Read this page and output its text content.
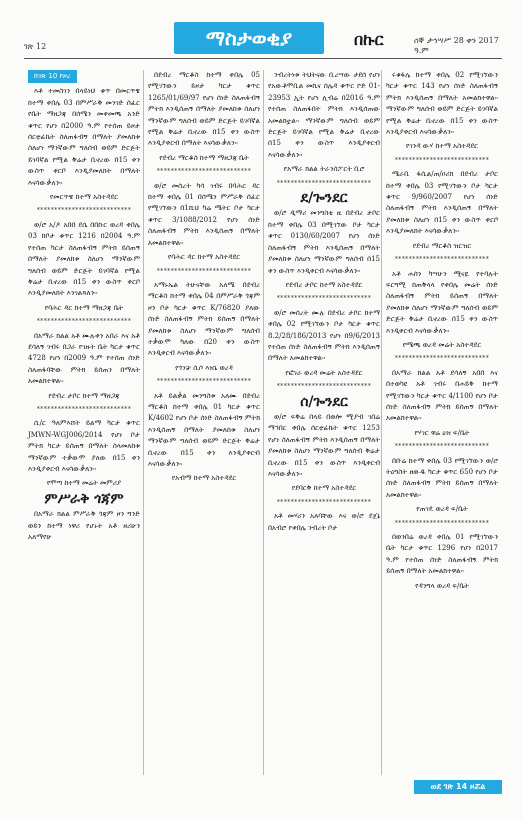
ገጽ 12	ማስታወቂያ	በኩር	ሰኞ ታኅሣሥ 28 ቀን 2017 ዓ.ም
ከገጽ 10 የዞረ

እቶ ተመስገን በላይነህ ቁጥ በመርጥዌ ከተማ ቀበሌ 03 በምሥራቅ መንገድ ሰፈር የቤት ማዘጋጃ በሰሜን መቀመጫ አንድ ቁጥር የሆነ በ2000 ዓ.ም የተሰጠ ይዞታ ሰርቲፊኬት ስለጠፋብኝ በማለት ያመለከቱ ስለሆነ ማንኛውም ግለሰብ ወይም ድርጅት ይገባኛል የሚል ቅሬታ ቢኖረው በ15 ቀን ውስጥ ቀርቦ እንዲያመለክት በማለት እናሳውቃለን፡፡

የመርጥዌ ከተማ አስተዳደር
***************************

ወ/ሮ አ/ዶ አበበ ደሴ በበኩር ወረዳ ቀበሌ 03 ከቦታ ቁጥር 1216 በ2004 ዓ.ም የተሰጠ ካርታ ስለጠፋብኝ ምትክ ይሰጠኝ በማለት ያመለከቱ ስለሆነ ማንኛውም ግለሰብ ወይም ድርጅት ይገባኛል የሚል ቅሬታ ቢኖረው በ15 ቀን ውስጥ ቀርቦ እንዲያመለክት እንገልጻለን፡፡

የባሕር ዳር ከተማ ማዘጋጃ ቤት
***************************

በአማራ ክልል አቶ ሙሉቀን አበራ እና አቶ ደሳለኝ ገብሩ በጋራ የገዙት ቤት ካርታ ቁጥር 4728 የሆነ በ2009 ዓ.ም የተሰጠ ሰነድ ስለጠፋባቸው ምትክ ይሰጠን በማለት አመልክተዋል፡፡

የደብረ ታቦር ከተማ ማዘጋጃ
***************************

ሲ/ር ዓለምእሸት ይልማ ካርታ ቁጥር JMWN-WGJ006/2014 የሆነ ቦታ ምትክ ካርታ ይሰጠኝ በማለት ስላመለከቱ ማንኛውም ተቃውሞ ያለው በ15 ቀን እንዲያቀርብ እናሳውቃለን፡፡

የሞጣ ከተማ መሬት መምሪያ
ምሥራቅ ጎጃም

በአማራ ክልል ምሥራቅ ጎጃም ዞን ግንድ ወይን ከተማ ነዋሪ የሆኑት አቶ ዘሪሁን አለማየሁ

በደብረ ማርቆስ ከተማ ቀበሌ 05 የሚገኘውን ይዞታ ካርታ ቁጥር 1265/01/69/97 የሆነ ሰነድ ስለጠፋብኝ ምትክ እንዲሰጠኝ በማለት ያመለከቱ ስለሆነ ማንኛውም ግለሰብ ወይም ድርጅት ይገባኛል የሚል ቅሬታ ቢኖረው በ15 ቀን ውስጥ እንዲያቀርብ በማለት እናሳውቃለን፡፡

የደብረ ማርቆስ ከተማ ማዘጋጃ ቤት
***************************

ወ/ሮ መሰረት ካሳ ገብሩ በባሕር ዳር ከተማ ቀበሌ 01 በሰሜን ምሥራቅ ሰፈር የሚገኘውን በ1ሺህ ካሬ ሜትር ቦታ ካርታ ቁጥር 3/1088/2012 የሆነ ሰነድ ስለጠፋብኝ ምትክ እንዲሰጠኝ በማለት አመልክተዋል፡፡

የባሕር ዳር ከተማ አስተዳደር
***************************

አማኑኤል ትሁናቸው አለሜ በደብረ ማርቆስ ከተማ ቀበሌ 04 በምሥራቅ ጎጃም ዞን ቦታ ካርታ ቁጥር K/76820 ያለው ሰነድ ስለጠፋብኝ ምትክ ይሰጠኝ በማለት ያመለከቱ ስለሆነ ማንኛውም ግለሰብ ተቃውሞ ካለው በ20 ቀን ውስጥ እንዲቀርብ እናሳውቃለን፡፡

የጎንቻ ሲሶ እነሴ ወረዳ
***************************

አቶ ይልቃል መንግስቱ አለሙ በደብረ ማርቆስ ከተማ ቀበሌ 01 ካርታ ቁጥር K/4602 የሆነ ቦታ ሰነድ ስለጠፋብኝ ምትክ እንዲሰጠኝ በማለት ያመለከቱ ስለሆነ ማንኛውም ግለሰብ ወይም ድርጅት ቅሬታ ቢኖረው በ15 ቀን እንዲያቀርብ እናሳውቃለን፡፡

የአብማ ከተማ አስተዳደር

ንብረትነቱ ትህትናው ቢረሣው ታደሰ የሆነ የአውቶሞቢል መኪና ሰሌዳ ቁጥር ኮድ 01-23953 ኢት የሆነ ሊብሬ በ2016 ዓ.ም የተሰጠ ስለጠፋበት ምትክ እንዲሰጠው አመልክቷል፡፡ ማንኛውም ግለሰብ ወይም ድርጅት ይገባኛል የሚል ቅሬታ ቢኖረው በ15 ቀን ውስጥ እንዲያቀርብ እናሳውቃለን፡፡

የአማራ ክልል ትራንስፖርት ቢሮ
***************************
ደ/ጐንደር

ወ/ሮ ዲማሪ መንግስቴ ዚ በደብረ ታቦር ከተማ ቀበሌ 03 በሚገኘው ቦታ ካርታ ቁጥር 0130/60/2007 የሆነ ሰነድ ስለጠፋብኝ ምትክ እንዲሰጠኝ በማለት ያመለከቱ ስለሆነ ማንኛውም ግለሰብ በ15 ቀን ውስጥ እንዲቀርብ እናሳውቃለን፡፡

የደብረ ታቦር ከተማ አስተዳደር
***************************

ወ/ሮ መሰረት ሙሉ በደብረ ታቦር ከተማ ቀበሌ 02 የሚገኘውን ቦታ ካርታ ቁጥር 8.2/28/186/2013 የሆነ በ9/6/2013 የተሰጠ ሰነድ ስለጠፋብኝ ምትክ እንዲሰጠኝ በማለት አመልክተዋል፡፡

የፎገራ ወረዳ መሬት አስተዳደር
***************************
ሰ/ጐንደር

ወ/ሮ ፍቅሬ በላይ በወሎ ሚያብ ገበሬ ማኅበር ቀበሌ ሰርቲፊኬት ቁጥር 1253 የሆነ ስለጠፋብኝ ምትክ እንዲሰጠኝ በማለት ያመለከቱ ስለሆነ ማንኛውም ግለሰብ ቅሬታ ቢኖረው በ15 ቀን ውስጥ እንዲቀርብ እናሳውቃለን፡፡

የደባርቅ ከተማ አስተዳደር
***************************

አቶ መሃሪን አለባቸው እና ወ/ሮ ደጀኔ በአብሮ የቀበሌ ንብረት ቦታ

ሩቁፋሌ ከተማ ቀበሌ 02 የሚገኘውን ካርታ ቁጥር 143 የሆነ ሰነድ ስለጠፋብኝ ምትክ እንዲሰጠኝ በማለት አመልክተዋል፡፡ ማንኛውም ግለሰብ ወይም ድርጅት ይገባኛል የሚል ቅሬታ ቢኖረው በ15 ቀን ውስጥ እንዲያቀርብ እናሳውቃለን፡፡

የገንዳ ውሃ ከተማ አስተዳደር
***************************

ሜራቢ ፋሲል/ጠ/ዐሪክ በደብረ ታቦር ከተማ ቀበሌ 03 የሚገኘውን ቦታ ካርታ ቁጥር 9/960/2007 የሆነ ሰነድ ስለጠፋብኝ ምትክ እንዲሰጠኝ በማለት ያመለከቱ ስለሆነ በ15 ቀን ውስጥ ቀርቦ እንዲያመለክት እናሳውቃለን፡፡

የደብረ ማርቆስ ዝርዝር
***************************

አቶ ሐሰን ካሣሁን ሚናዬ የተባሉት ፍርግሚ ከጠቅላላ የቀበሌ መሬት ሰነድ ስለጠፋብኝ ምትክ ይሰጠኝ በማለት ያመለከቱ ስለሆነ ማንኛውም ግለሰብ ወይም ድርጅት ቅሬታ ቢኖረው በ15 ቀን ውስጥ እንዲቀርብ እናሳውቃለን፡፡

የሜጫ ወረዳ መሬት አስተዳደር
***************************

በአማራ ክልል አቶ ደሳለኝ አበበ እና በተወካዩ አቶ ገብሩ በሐይቅ ከተማ የሚገኘውን ካርታ ቁጥር 4/1100 የሆነ ቦታ ሰነድ ስለጠፋብኝ ምትክ ይሰጠኝ በማለት አመልክተዋል፡፡

የሃገር ዋሬ ዕዝ ፍ/ቤት
***************************

በቡሬ ከተማ ቀበሌ 03 የሚገኘውን ወ/ሮ ትዕግስት ዘውዱ ካርታ ቁጥር 650 የሆነ ቦታ ሰነድ ስለጠፋብኝ ምትክ ይሰጠኝ በማለት አመልክተዋል፡፡

የጠገዴ ወረዳ ፍ/ቤት
***************************

በወንበሬ ወረዳ ቀበሌ 01 የሚገኘውን ቤት ካርታ ቁጥር 1296 የሆነ በ2017 ዓ.ም የተሰጠ ሰነድ ስለጠፋብኝ ምትክ ይሰጠኝ በማለት አመልክተዋል፡፡

የዳንግላ ወረዳ ፍ/ቤት
ወደ ገጽ 14 ዞሯል
